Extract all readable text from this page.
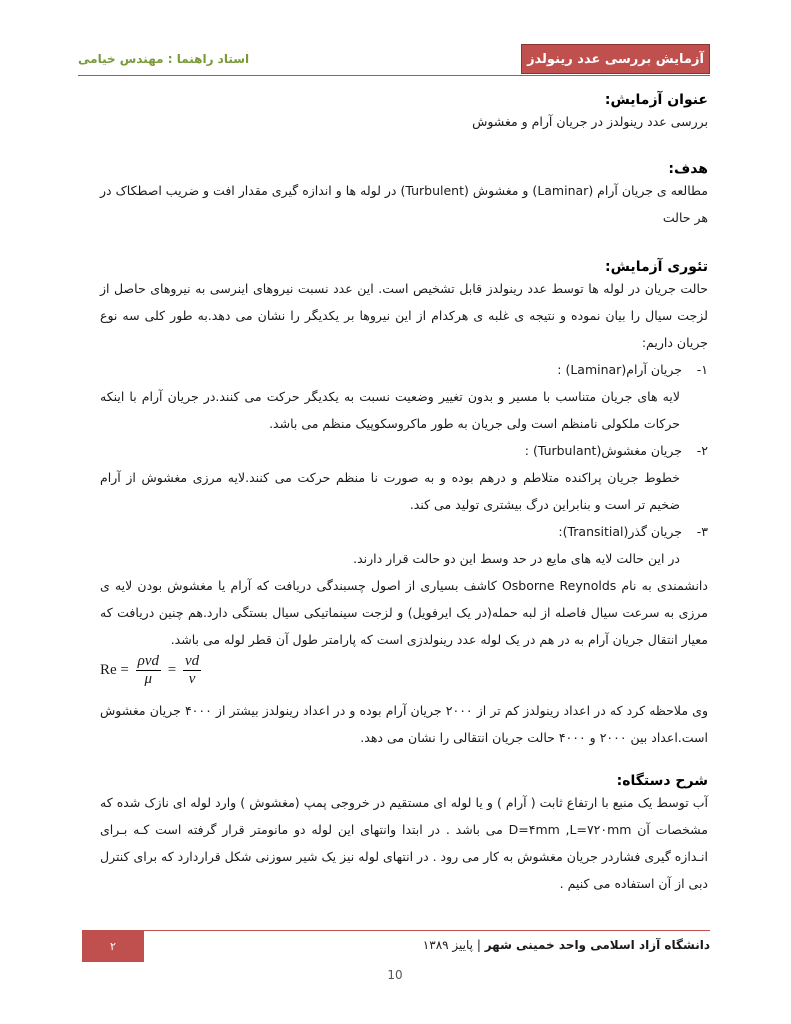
آزمایش بررسی عدد رینولدز
استاد راهنما : مهندس خیامی

عنوان آزمایش:

بررسی عدد رینولدز در جریان آرام و مغشوش

هدف:

مطالعه ی جریان آرام (Laminar) و مغشوش (Turbulent) در لوله ها و اندازه گیری مقدار افت و ضریب اصطکاک در هر حالت

تئوری آزمایش:

حالت جریان در لوله ها توسط عدد رینولدز قابل تشخیص است. این عدد نسبت نیروهای اینرسی به نیروهای حاصل از لزجت سیال را بیان نموده و نتیجه ی غلبه ی هرکدام از این نیروها بر یکدیگر را نشان می دهد.به طور کلی سه نوع جریان داریم:

۱-جریان آرام(Laminar) :

لایه های جریان متناسب با مسیر و بدون تغییر وضعیت نسبت به یکدیگر حرکت می کنند.در جریان آرام با اینکه حرکات ملکولی نامنظم است ولی جریان به طور ماکروسکوپیک منظم می باشد.

۲-جریان مغشوش(Turbulant) :

خطوط جریان پراکنده متلاطم و درهم بوده و به صورت نا منظم حرکت می کنند.لایه مرزی مغشوش از آرام ضخیم تر است و بنابراین درگ بیشتری تولید می کند.

۳-جریان گذر(Transitial):

در این حالت لایه های مایع در حد وسط این دو حالت قرار دارند.

دانشمندی به نام Osborne Reynolds کاشف بسیاری از اصول چسبندگی دریافت که آرام یا مغشوش بودن لایه ی مرزی به سرعت سیال فاصله از لبه حمله(در یک ایرفویل) و لزجت سینماتیکی سیال بستگی دارد.هم چنین دریافت که معیار انتقال جریان آرام به در هم در یک لوله عدد رینولدزی است که پارامتر طول آن قطر لوله می باشد.

$Re = \frac{\text{ρvd}}{\mu} = \frac{vd}{\nu}$

وی ملاحظه کرد که در اعداد رینولدز کم تر از ۲۰۰۰ جریان آرام بوده و در اعداد رینولدز بیشتر از ۴۰۰۰ جریان مغشوش است.اعداد بین ۲۰۰۰ و ۴۰۰۰ حالت جریان انتقالی را نشان می دهد.

شرح دستگاه:

آب توسط یک منبع با ارتفاع ثابت ( آرام ) و یا لوله ای مستقیم در خروجی پمپ (مغشوش ) وارد لوله ای نازک شده که مشخصات آن D=۴mm ,L=۷۲۰mm می باشد . در ابتدا وانتهای این لوله دو مانومتر قرار گرفته است کـه بـرای انـدازه گیری فشاردر جریان مغشوش به کار می رود . در انتهای لوله نیز یک شیر سوزنی شکل قراردارد که برای کنترل دبی از آن استفاده می کنیم .

۲	دانشگاه آزاد اسلامی واحد خمینی شهر | پاییز ۱۳۸۹
10
